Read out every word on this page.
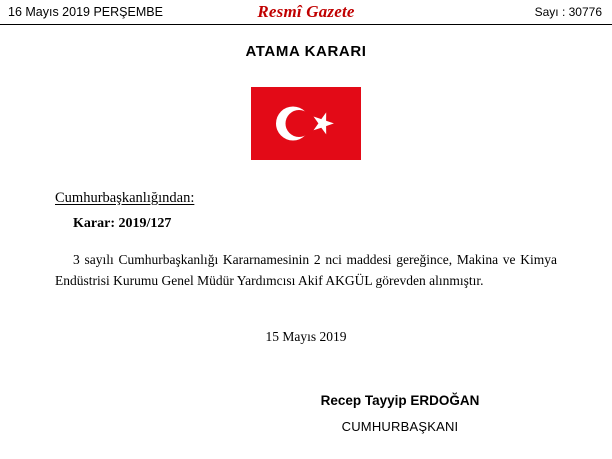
16 Mayıs 2019 PERŞEMBE	Resmî Gazete	Sayı : 30776
ATAMA KARARI
Cumhurbaşkanlığından:
Karar: 2019/127
3 sayılı Cumhurbaşkanlığı Kararnamesinin 2 nci maddesi gereğince, Makina ve Kimya Endüstrisi Kurumu Genel Müdür Yardımcısı Akif AKGÜL görevden alınmıştır.
15 Mayıs 2019
Recep Tayyip ERDOĞAN
CUMHURBAŞKANI
